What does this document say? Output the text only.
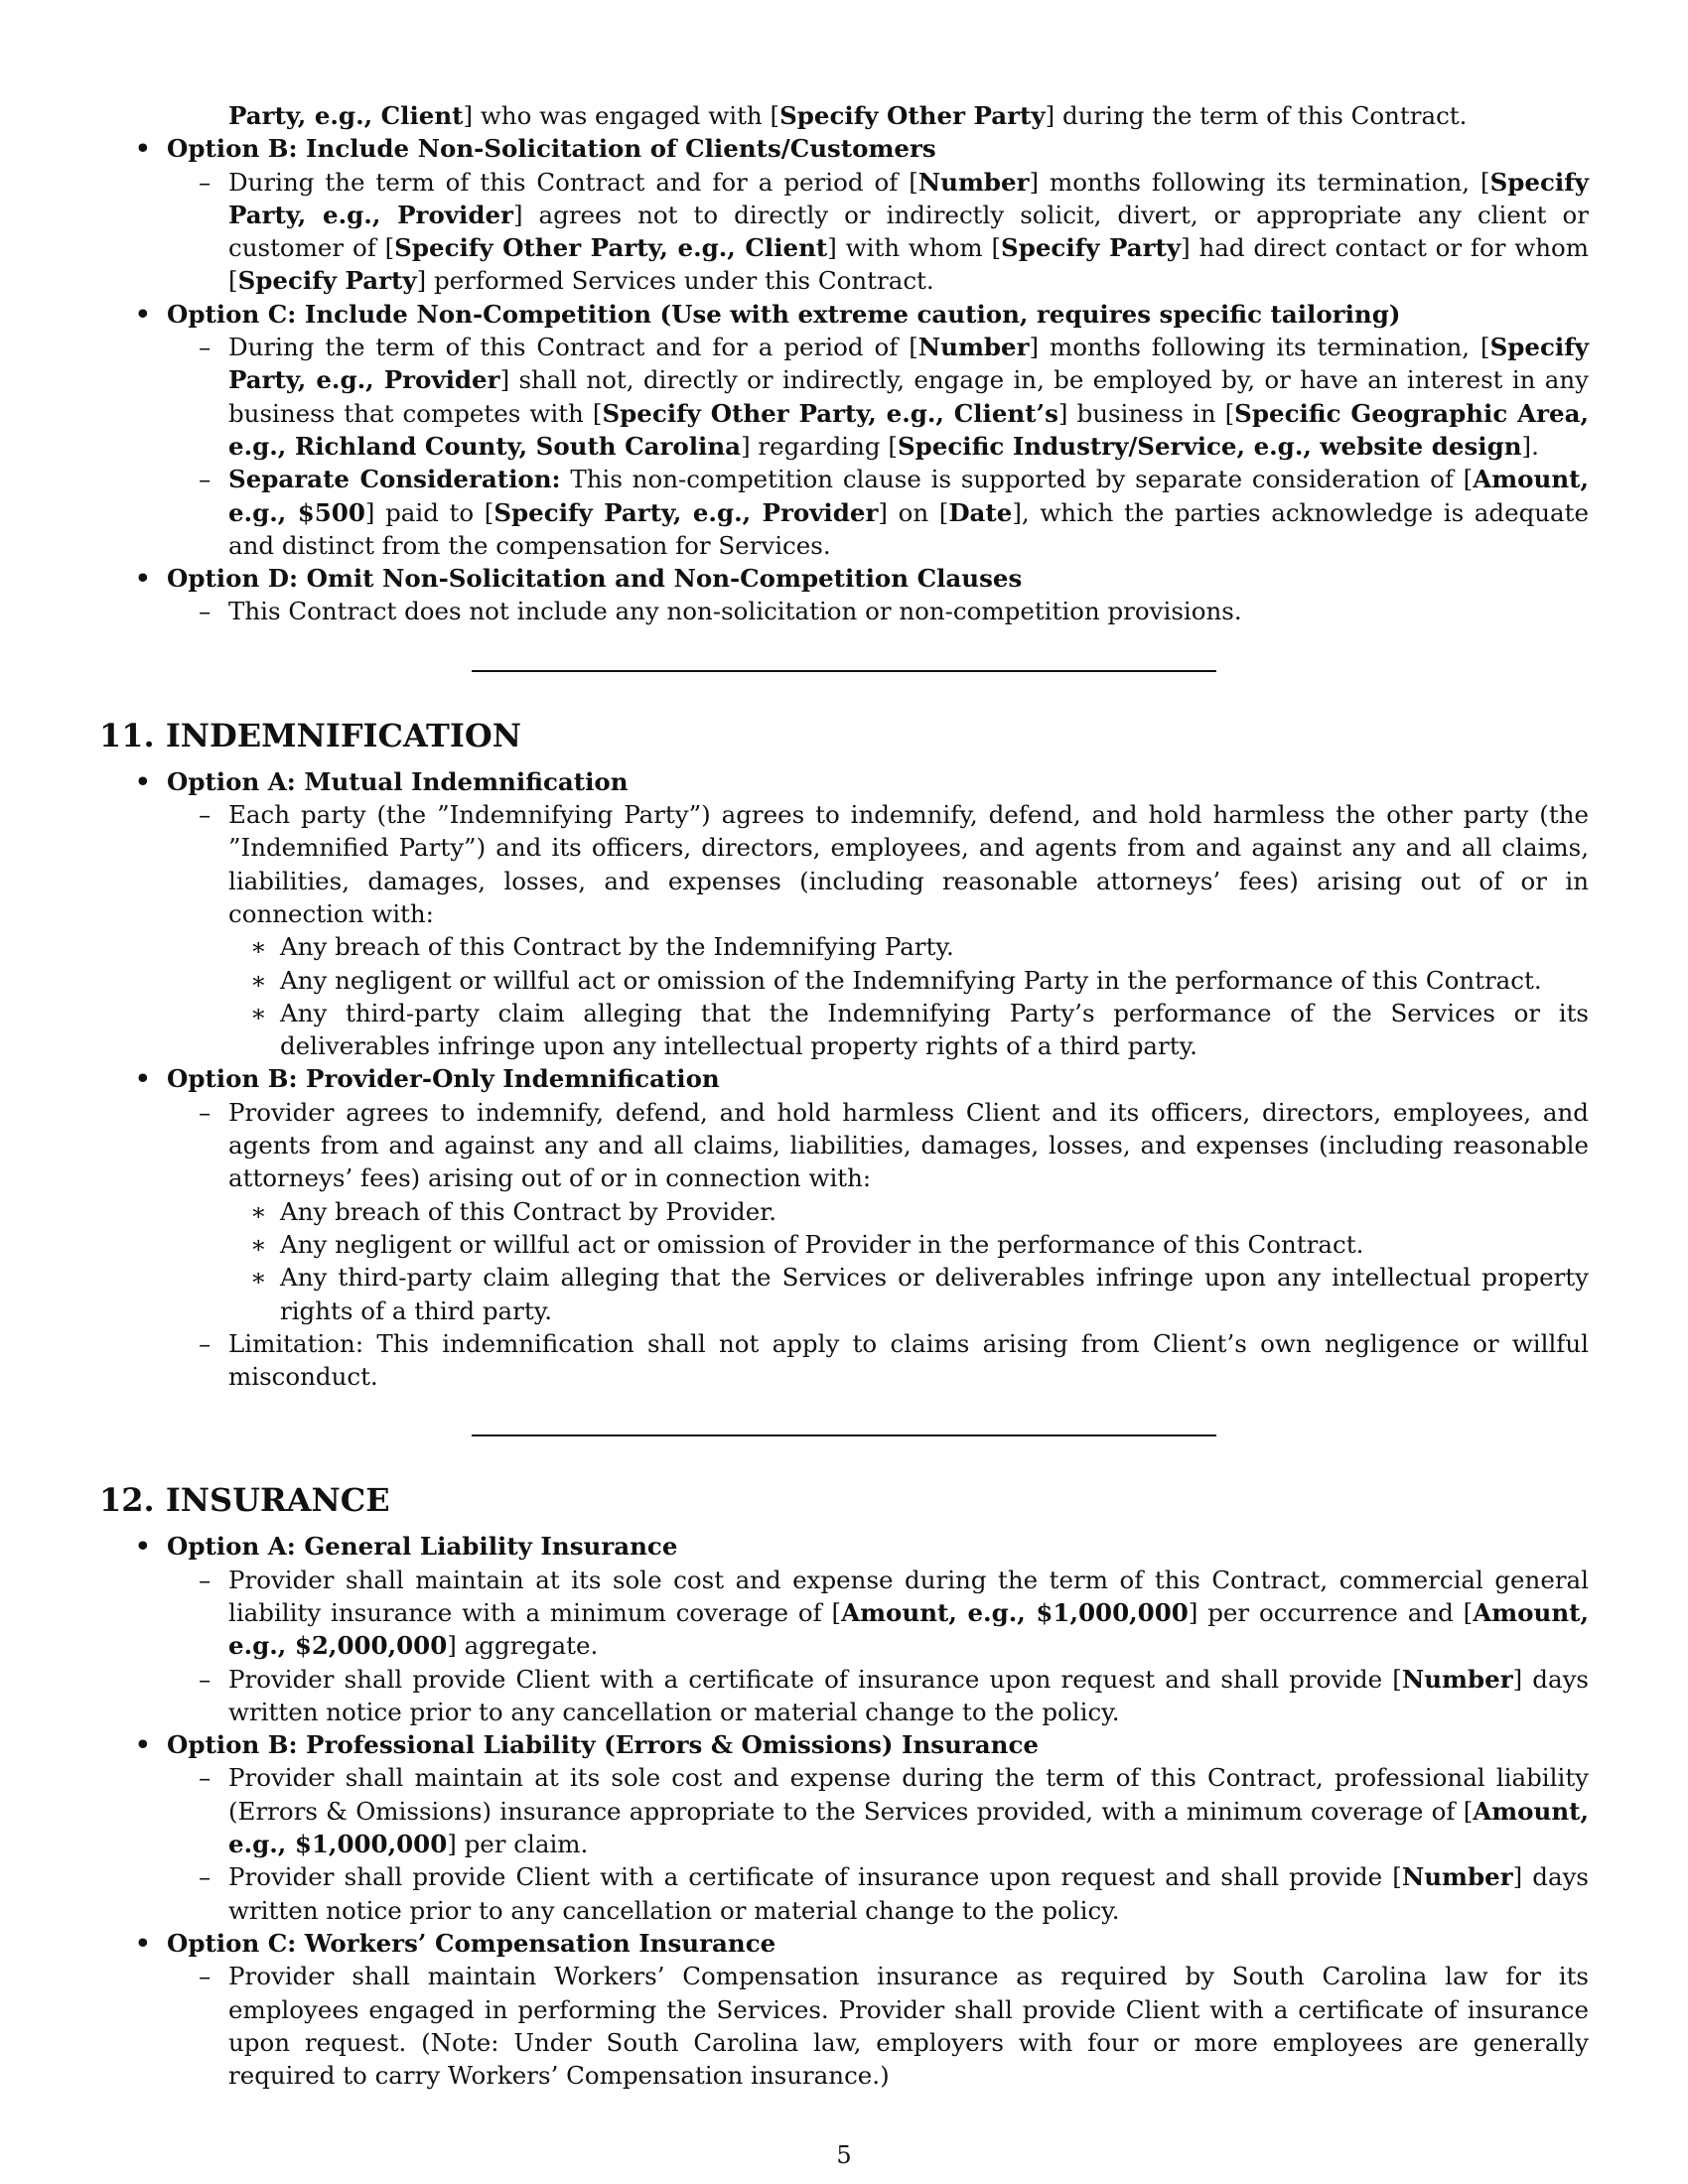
Party, e.g., Client] who was engaged with [Specify Other Party] during the term of this Contract.

• Option B: Include Non-Solicitation of Clients/Customers

– During the term of this Contract and for a period of [Number] months following its termination, [Specify Party, e.g., Provider] agrees not to directly or indirectly solicit, divert, or appropriate any client or customer of [Specify Other Party, e.g., Client] with whom [Specify Party] had direct contact or for whom [Specify Party] performed Services under this Contract.

• Option C: Include Non-Competition (Use with extreme caution, requires specific tailoring)

– During the term of this Contract and for a period of [Number] months following its termination, [Specify Party, e.g., Provider] shall not, directly or indirectly, engage in, be employed by, or have an interest in any business that competes with [Specify Other Party, e.g., Client’s] business in [Specific Geographic Area, e.g., Richland County, South Carolina] regarding [Specific Industry/Service, e.g., website design].

– Separate Consideration: This non-competition clause is supported by separate consideration of [Amount, e.g., $500] paid to [Specify Party, e.g., Provider] on [Date], which the parties acknowledge is adequate and distinct from the compensation for Services.

• Option D: Omit Non-Solicitation and Non-Competition Clauses

– This Contract does not include any non-solicitation or non-competition provisions.

11. INDEMNIFICATION

• Option A: Mutual Indemnification

– Each party (the ”Indemnifying Party”) agrees to indemnify, defend, and hold harmless the other party (the ”Indemnified Party”) and its officers, directors, employees, and agents from and against any and all claims, liabilities, damages, losses, and expenses (including reasonable attorneys’ fees) arising out of or in connection with:

∗ Any breach of this Contract by the Indemnifying Party.

∗ Any negligent or willful act or omission of the Indemnifying Party in the performance of this Contract.

∗ Any third-party claim alleging that the Indemnifying Party’s performance of the Services or its deliverables infringe upon any intellectual property rights of a third party.

• Option B: Provider-Only Indemnification

– Provider agrees to indemnify, defend, and hold harmless Client and its officers, directors, employees, and agents from and against any and all claims, liabilities, damages, losses, and expenses (including reasonable attorneys’ fees) arising out of or in connection with:

∗ Any breach of this Contract by Provider.

∗ Any negligent or willful act or omission of Provider in the performance of this Contract.

∗ Any third-party claim alleging that the Services or deliverables infringe upon any intellectual property rights of a third party.

– Limitation: This indemnification shall not apply to claims arising from Client’s own negligence or willful misconduct.

12. INSURANCE

• Option A: General Liability Insurance

– Provider shall maintain at its sole cost and expense during the term of this Contract, commercial general liability insurance with a minimum coverage of [Amount, e.g., $1,000,000] per occurrence and [Amount, e.g., $2,000,000] aggregate.

– Provider shall provide Client with a certificate of insurance upon request and shall provide [Number] days written notice prior to any cancellation or material change to the policy.

• Option B: Professional Liability (Errors & Omissions) Insurance

– Provider shall maintain at its sole cost and expense during the term of this Contract, professional liability (Errors & Omissions) insurance appropriate to the Services provided, with a minimum coverage of [Amount, e.g., $1,000,000] per claim.

– Provider shall provide Client with a certificate of insurance upon request and shall provide [Number] days written notice prior to any cancellation or material change to the policy.

• Option C: Workers’ Compensation Insurance

– Provider shall maintain Workers’ Compensation insurance as required by South Carolina law for its employees engaged in performing the Services. Provider shall provide Client with a certificate of insurance upon request. (Note: Under South Carolina law, employers with four or more employees are generally required to carry Workers’ Compensation insurance.)

5
